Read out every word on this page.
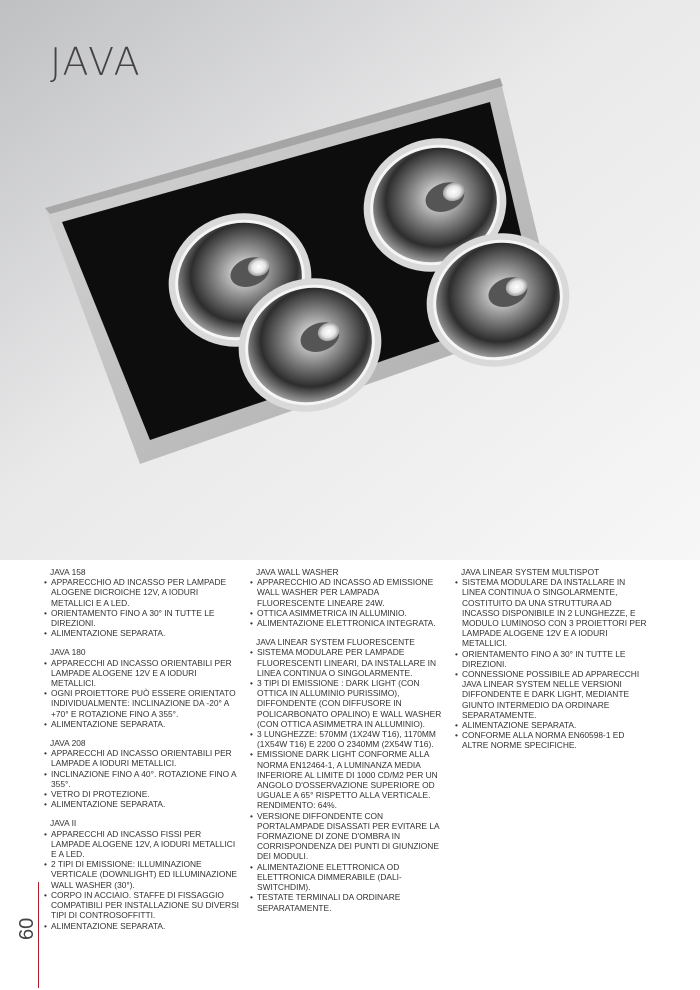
JAVA

JAVA 158

• APPARECCHIO AD INCASSO PER LAMPADE ALOGENE DICROICHE 12V, A IODURI METALLICI E A LED.
• ORIENTAMENTO FINO A 30° IN TUTTE LE DIREZIONI.
• ALIMENTAZIONE SEPARATA.

JAVA 180

• APPARECCHI AD INCASSO ORIENTABILI PER LAMPADE ALOGENE 12V E A IODURI METALLICI.
• OGNI PROIETTORE PUÒ ESSERE ORIENTATO INDIVIDUALMENTE: INCLINAZIONE DA -20° A +70° E ROTAZIONE FINO A 355°.
• ALIMENTAZIONE SEPARATA.

JAVA 208

• APPARECCHI AD INCASSO ORIENTABILI PER LAMPADE A IODURI METALLICI.
• INCLINAZIONE FINO A 40°. ROTAZIONE FINO A 355°.
• VETRO DI PROTEZIONE.
• ALIMENTAZIONE SEPARATA.

JAVA II

• APPARECCHI AD INCASSO FISSI PER LAMPADE ALOGENE 12V, A IODURI METALLICI E A LED.
• 2 TIPI DI EMISSIONE: ILLUMINAZIONE VERTICALE (DOWNLIGHT) ED ILLUMINAZIONE WALL WASHER (30°).
• CORPO IN ACCIAIO. STAFFE DI FISSAGGIO COMPATIBILI PER INSTALLAZIONE SU DIVERSI TIPI DI CONTROSOFFITTI.
• ALIMENTAZIONE SEPARATA.

JAVA WALL WASHER

• APPARECCHIO AD INCASSO AD EMISSIONE WALL WASHER PER LAMPADA FLUORESCENTE LINEARE 24W.
• OTTICA ASIMMETRICA IN ALLUMINIO.
• ALIMENTAZIONE ELETTRONICA INTEGRATA.

JAVA LINEAR SYSTEM FLUORESCENTE

• SISTEMA MODULARE PER LAMPADE FLUORESCENTI LINEARI, DA INSTALLARE IN LINEA CONTINUA O SINGOLARMENTE.
• 3 TIPI DI EMISSIONE : DARK LIGHT (CON OTTICA IN ALLUMINIO PURISSIMO), DIFFONDENTE (CON DIFFUSORE IN POLICARBONATO OPALINO) E WALL WASHER (CON OTTICA ASIMMETRA IN ALLUMINIO).
• 3 LUNGHEZZE: 570MM (1X24W T16), 1170MM (1X54W T16) E 2200 O 2340MM (2X54W T16).
• EMISSIONE DARK LIGHT CONFORME ALLA NORMA EN12464-1, A LUMINANZA MEDIA INFERIORE AL LIMITE DI 1000 CD/M2 PER UN ANGOLO D'OSSERVAZIONE SUPERIORE OD UGUALE A 65° RISPETTO ALLA VERTICALE. RENDIMENTO: 64%.
• VERSIONE DIFFONDENTE CON PORTALAMPADE DISASSATI PER EVITARE LA FORMAZIONE DI ZONE D'OMBRA IN CORRISPONDENZA DEI PUNTI DI GIUNZIONE DEI MODULI.
• ALIMENTAZIONE ELETTRONICA OD ELETTRONICA DIMMERABILE (DALI-SWITCHDIM).
• TESTATE TERMINALI DA ORDINARE SEPARATAMENTE.

JAVA LINEAR SYSTEM MULTISPOT

• SISTEMA MODULARE DA INSTALLARE IN LINEA CONTINUA O SINGOLARMENTE, COSTITUITO DA UNA STRUTTURA AD INCASSO DISPONIBILE IN 2 LUNGHEZZE, E MODULO LUMINOSO CON 3 PROIETTORI PER LAMPADE ALOGENE 12V E A IODURI METALLICI.
• ORIENTAMENTO FINO A 30° IN TUTTE LE DIREZIONI.
• CONNESSIONE POSSIBILE AD APPARECCHI JAVA LINEAR SYSTEM NELLE VERSIONI DIFFONDENTE E DARK LIGHT, MEDIANTE GIUNTO INTERMEDIO DA ORDINARE SEPARATAMENTE.
• ALIMENTAZIONE SEPARATA.
• CONFORME ALLA NORMA EN60598-1 ED ALTRE NORME SPECIFICHE.
60
